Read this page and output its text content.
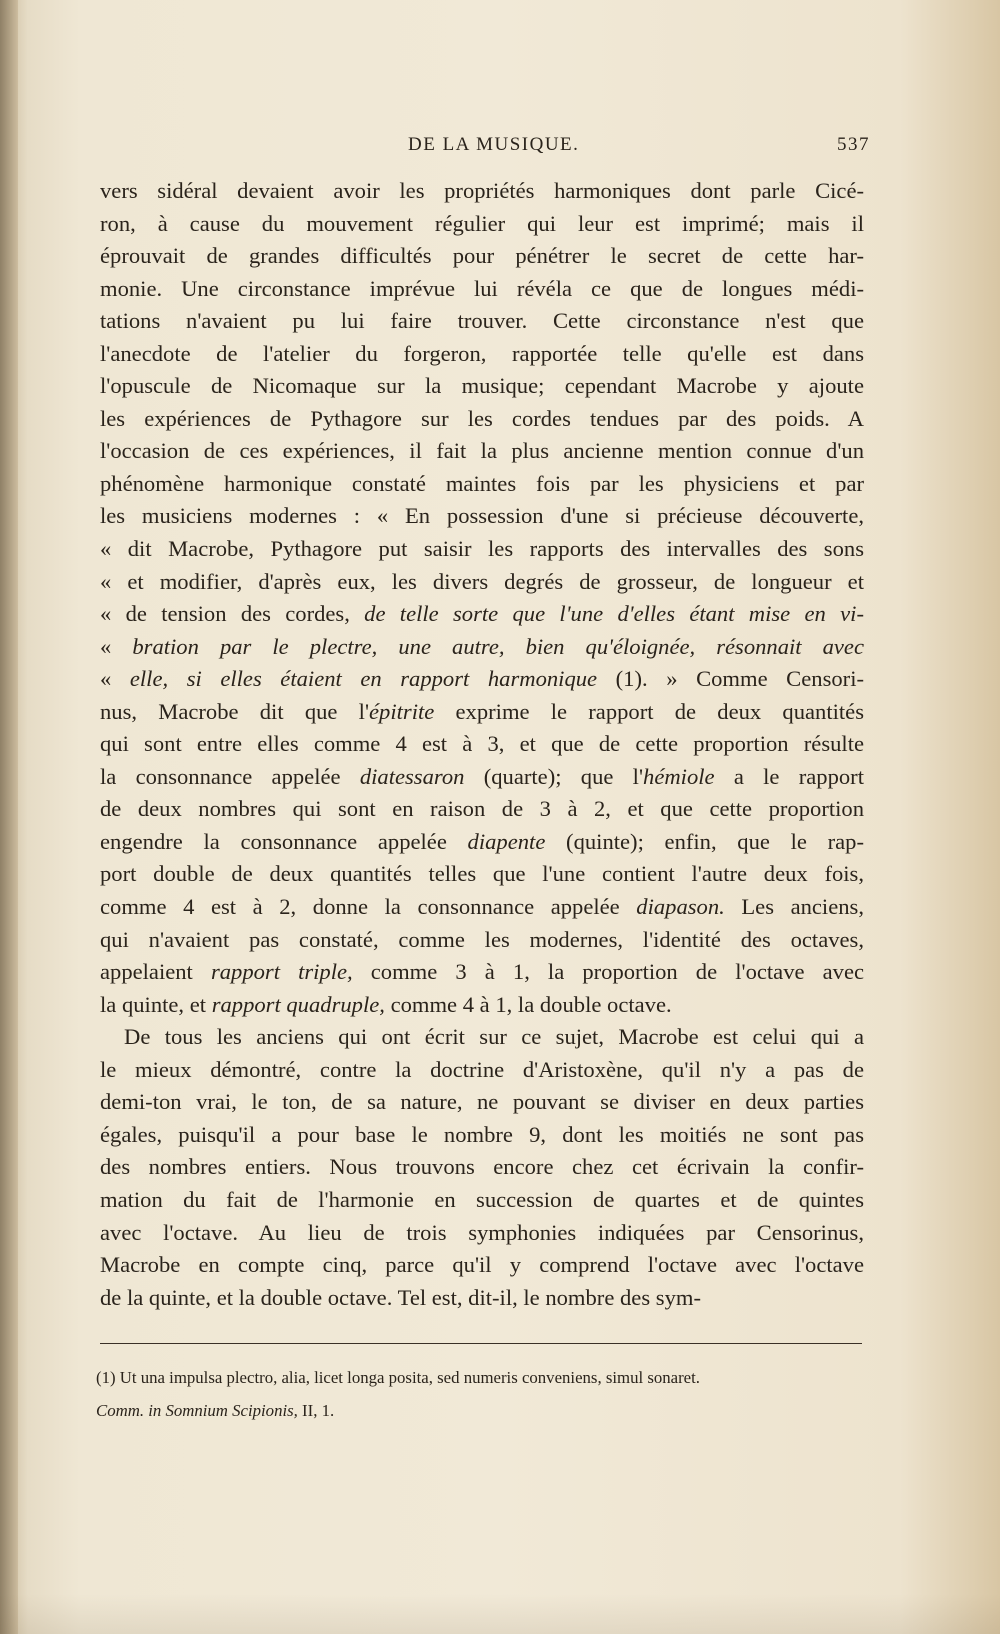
DE LA MUSIQUE.	537
vers sidéral devaient avoir les propriétés harmoniques dont parle Cicé-
ron, à cause du mouvement régulier qui leur est imprimé; mais il
éprouvait de grandes difficultés pour pénétrer le secret de cette har-
monie. Une circonstance imprévue lui révéla ce que de longues médi-
tations n'avaient pu lui faire trouver. Cette circonstance n'est que
l'anecdote de l'atelier du forgeron, rapportée telle qu'elle est dans
l'opuscule de Nicomaque sur la musique; cependant Macrobe y ajoute
les expériences de Pythagore sur les cordes tendues par des poids. A
l'occasion de ces expériences, il fait la plus ancienne mention connue d'un
phénomène harmonique constaté maintes fois par les physiciens et par
les musiciens modernes : « En possession d'une si précieuse découverte,
« dit Macrobe, Pythagore put saisir les rapports des intervalles des sons
« et modifier, d'après eux, les divers degrés de grosseur, de longueur et
« de tension des cordes, de telle sorte que l'une d'elles étant mise en vi-
« bration par le plectre, une autre, bien qu'éloignée, résonnait avec
« elle, si elles étaient en rapport harmonique (1). » Comme Censori-
nus, Macrobe dit que l'épitrite exprime le rapport de deux quantités
qui sont entre elles comme 4 est à 3, et que de cette proportion résulte
la consonnance appelée diatessaron (quarte); que l'hémiole a le rapport
de deux nombres qui sont en raison de 3 à 2, et que cette proportion
engendre la consonnance appelée diapente (quinte); enfin, que le rap-
port double de deux quantités telles que l'une contient l'autre deux fois,
comme 4 est à 2, donne la consonnance appelée diapason. Les anciens,
qui n'avaient pas constaté, comme les modernes, l'identité des octaves,
appelaient rapport triple, comme 3 à 1, la proportion de l'octave avec
la quinte, et rapport quadruple, comme 4 à 1, la double octave.
De tous les anciens qui ont écrit sur ce sujet, Macrobe est celui qui a
le mieux démontré, contre la doctrine d'Aristoxène, qu'il n'y a pas de
demi-ton vrai, le ton, de sa nature, ne pouvant se diviser en deux parties
égales, puisqu'il a pour base le nombre 9, dont les moitiés ne sont pas
des nombres entiers. Nous trouvons encore chez cet écrivain la confir-
mation du fait de l'harmonie en succession de quartes et de quintes
avec l'octave. Au lieu de trois symphonies indiquées par Censorinus,
Macrobe en compte cinq, parce qu'il y comprend l'octave avec l'octave
de la quinte, et la double octave. Tel est, dit-il, le nombre des sym-
(1) Ut una impulsa plectro, alia, licet longa posita, sed numeris conveniens, simul sonaret.
Comm. in Somnium Scipionis, II, 1.
